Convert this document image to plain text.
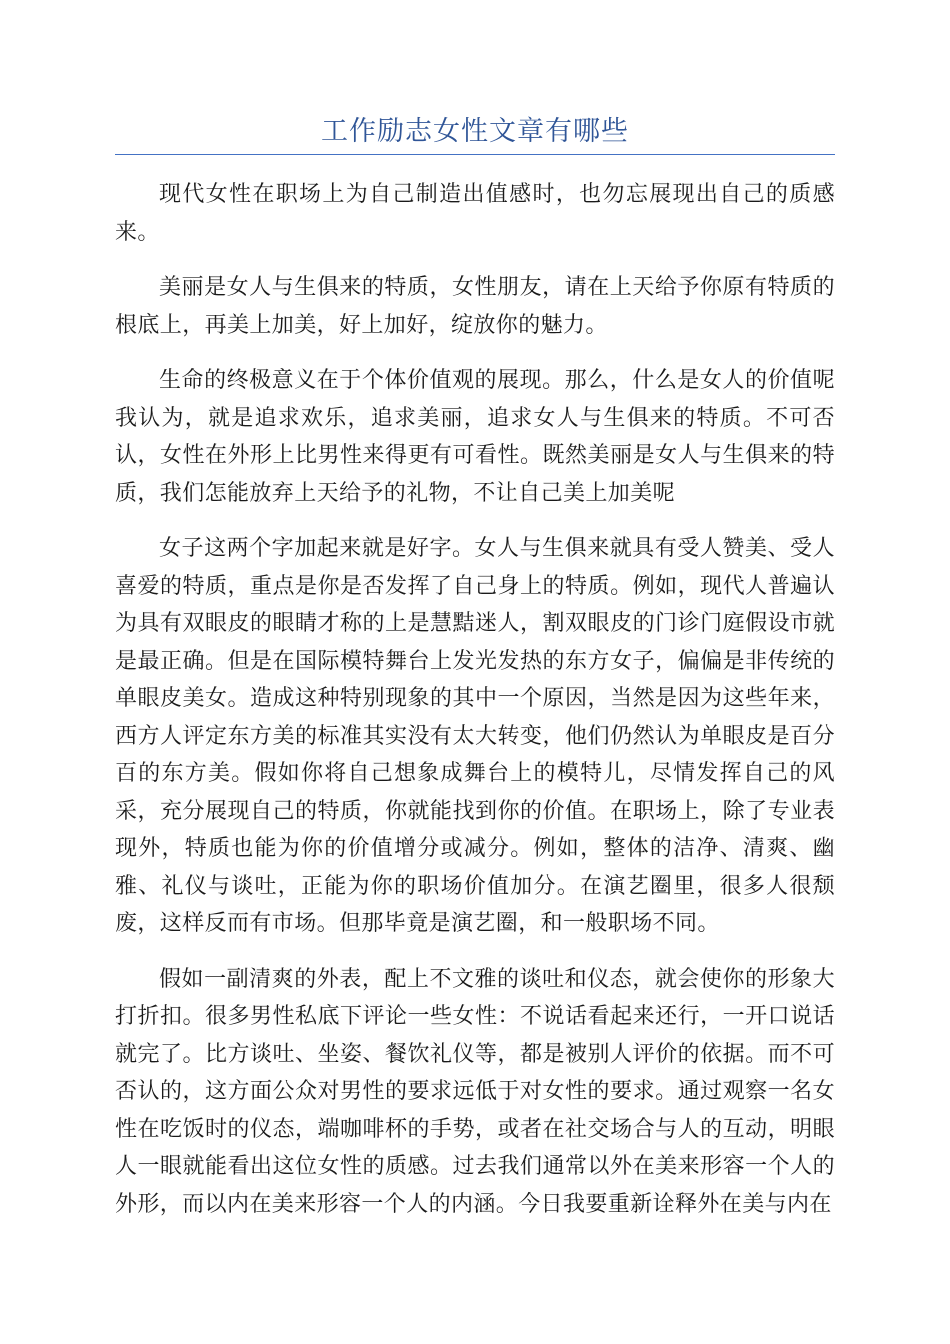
工作励志女性文章有哪些

现代女性在职场上为自己制造出值感时，也勿忘展现出自己的质感来。

美丽是女人与生俱来的特质，女性朋友，请在上天给予你原有特质的根底上，再美上加美，好上加好，绽放你的魅力。

生命的终极意义在于个体价值观的展现。那么，什么是女人的价值呢我认为，就是追求欢乐，追求美丽，追求女人与生俱来的特质。不可否认，女性在外形上比男性来得更有可看性。既然美丽是女人与生俱来的特质，我们怎能放弃上天给予的礼物，不让自己美上加美呢

女子这两个字加起来就是好字。女人与生俱来就具有受人赞美、受人喜爱的特质，重点是你是否发挥了自己身上的特质。例如，现代人普遍认为具有双眼皮的眼睛才称的上是慧黠迷人，割双眼皮的门诊门庭假设市就是最正确。但是在国际模特舞台上发光发热的东方女子，偏偏是非传统的单眼皮美女。造成这种特别现象的其中一个原因，当然是因为这些年来，西方人评定东方美的标准其实没有太大转变，他们仍然认为单眼皮是百分百的东方美。假如你将自己想象成舞台上的模特儿，尽情发挥自己的风采，充分展现自己的特质，你就能找到你的价值。在职场上，除了专业表现外，特质也能为你的价值增分或减分。例如，整体的洁净、清爽、幽雅、礼仪与谈吐，正能为你的职场价值加分。在演艺圈里，很多人很颓废，这样反而有市场。但那毕竟是演艺圈，和一般职场不同。

假如一副清爽的外表，配上不文雅的谈吐和仪态，就会使你的形象大打折扣。很多男性私底下评论一些女性：不说话看起来还行，一开口说话就完了。比方谈吐、坐姿、餐饮礼仪等，都是被别人评价的依据。而不可否认的，这方面公众对男性的要求远低于对女性的要求。通过观察一名女性在吃饭时的仪态，端咖啡杯的手势，或者在社交场合与人的互动，明眼人一眼就能看出这位女性的质感。过去我们通常以外在美来形容一个人的外形，而以内在美来形容一个人的内涵。今日我要重新诠释外在美与内在
